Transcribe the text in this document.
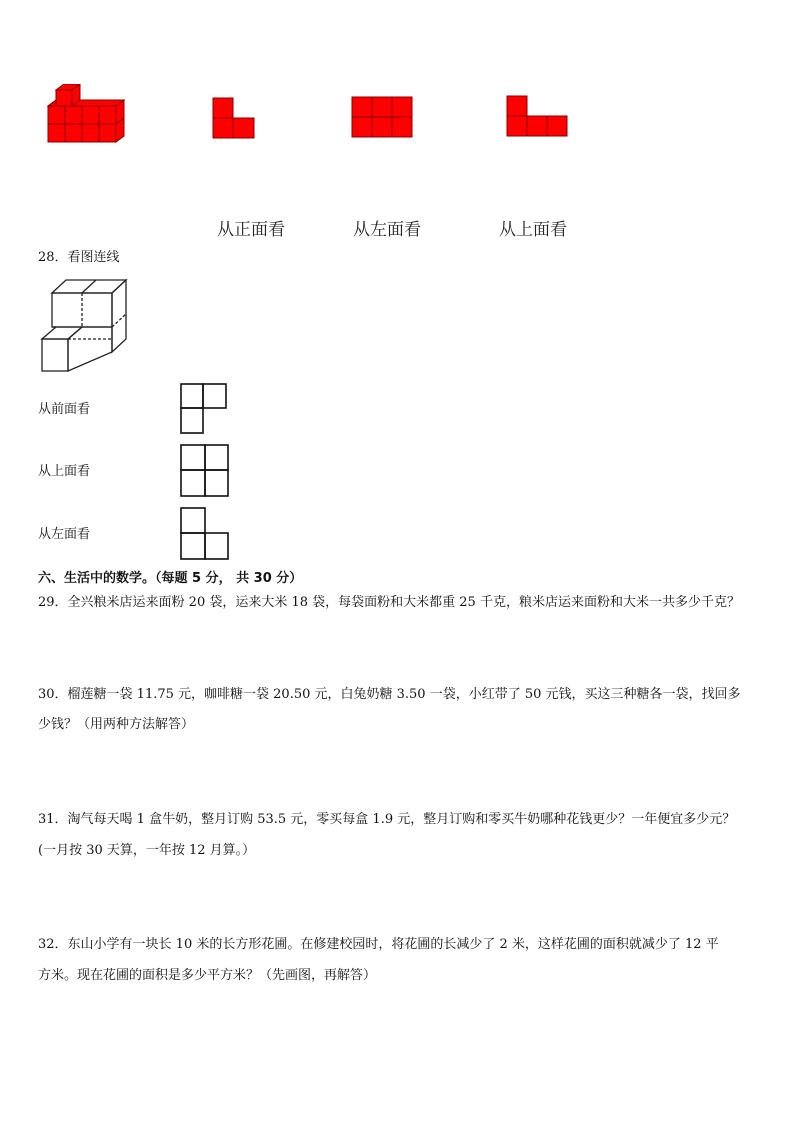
从正面看	从左面看	从上面看
28．看图连线
从前面看
从上面看
从左面看
六、生活中的数学。（每题 5 分， 共 30 分）
29．全兴粮米店运来面粉 20 袋，运来大米 18 袋，每袋面粉和大米都重 25 千克，粮米店运来面粉和大米一共多少千克？
30．榴莲糖一袋 11.75 元，咖啡糖一袋 20.50 元，白兔奶糖 3.50 一袋，小红带了 50 元钱，买这三种糖各一袋，找回多
少钱？（用两种方法解答）
31．淘气每天喝 1 盒牛奶，整月订购 53.5 元，零买每盒 1.9 元，整月订购和零买牛奶哪种花钱更少？一年便宜多少元？
(一月按 30 天算，一年按 12 月算。）
32．东山小学有一块长 10 米的长方形花圃。在修建校园时，将花圃的长减少了 2 米，这样花圃的面积就减少了 12 平
方米。现在花圃的面积是多少平方米？（先画图，再解答）
